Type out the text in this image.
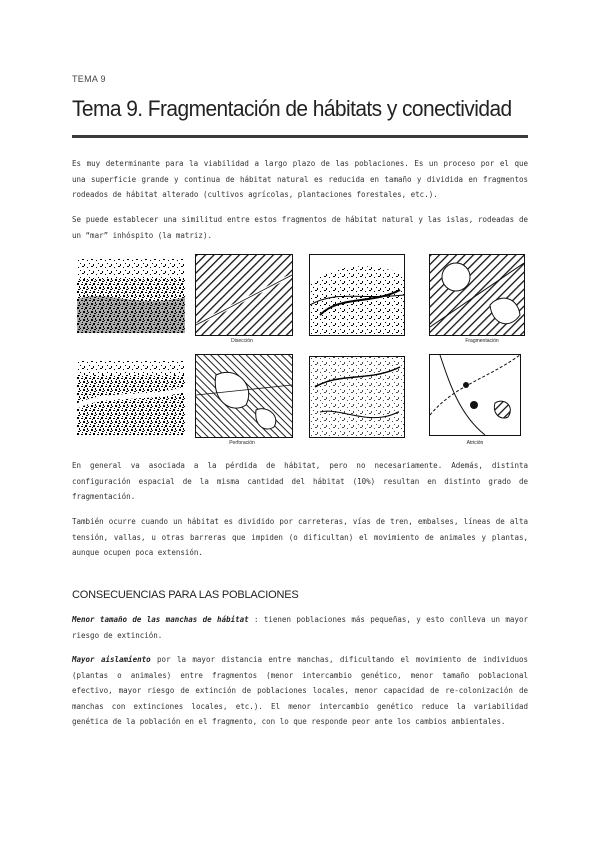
TEMA 9
Tema 9. Fragmentación de hábitats y conectividad

Es muy determinante para la viabilidad a largo plazo de las poblaciones. Es un proceso por el que una superficie grande y continua de hábitat natural es reducida en tamaño y dividida en fragmentos rodeados de hábitat alterado (cultivos agrícolas, plantaciones forestales, etc.).

Se puede establecer una similitud entre estos fragmentos de hábitat natural y las islas, rodeadas de un “mar” inhóspito (la matriz).

En general va asociada a la pérdida de hábitat, pero no necesariamente. Además, distinta configuración espacial de la misma cantidad del hábitat (10%) resultan en distinto grado de fragmentación.

También ocurre cuando un hábitat es dividido por carreteras, vías de tren, embalses, líneas de alta tensión, vallas, u otras barreras que impiden (o dificultan) el movimiento de animales y plantas, aunque ocupen poca extensión.

CONSECUENCIAS PARA LAS POBLACIONES

Menor tamaño de las manchas de hábitat : tienen poblaciones más pequeñas, y esto conlleva un mayor riesgo de extinción.

Mayor aislamiento por la mayor distancia entre manchas, dificultando el movimiento de individuos (plantas o animales) entre fragmentos (menor intercambio genético, menor tamaño poblacional efectivo, mayor riesgo de extinción de poblaciones locales, menor capacidad de re-colonización de manchas con extinciones locales, etc.). El menor intercambio genético reduce la variabilidad genética de la población en el fragmento, con lo que responde peor ante los cambios ambientales.

Disección	Fragmentación
Perforación	Atrición
